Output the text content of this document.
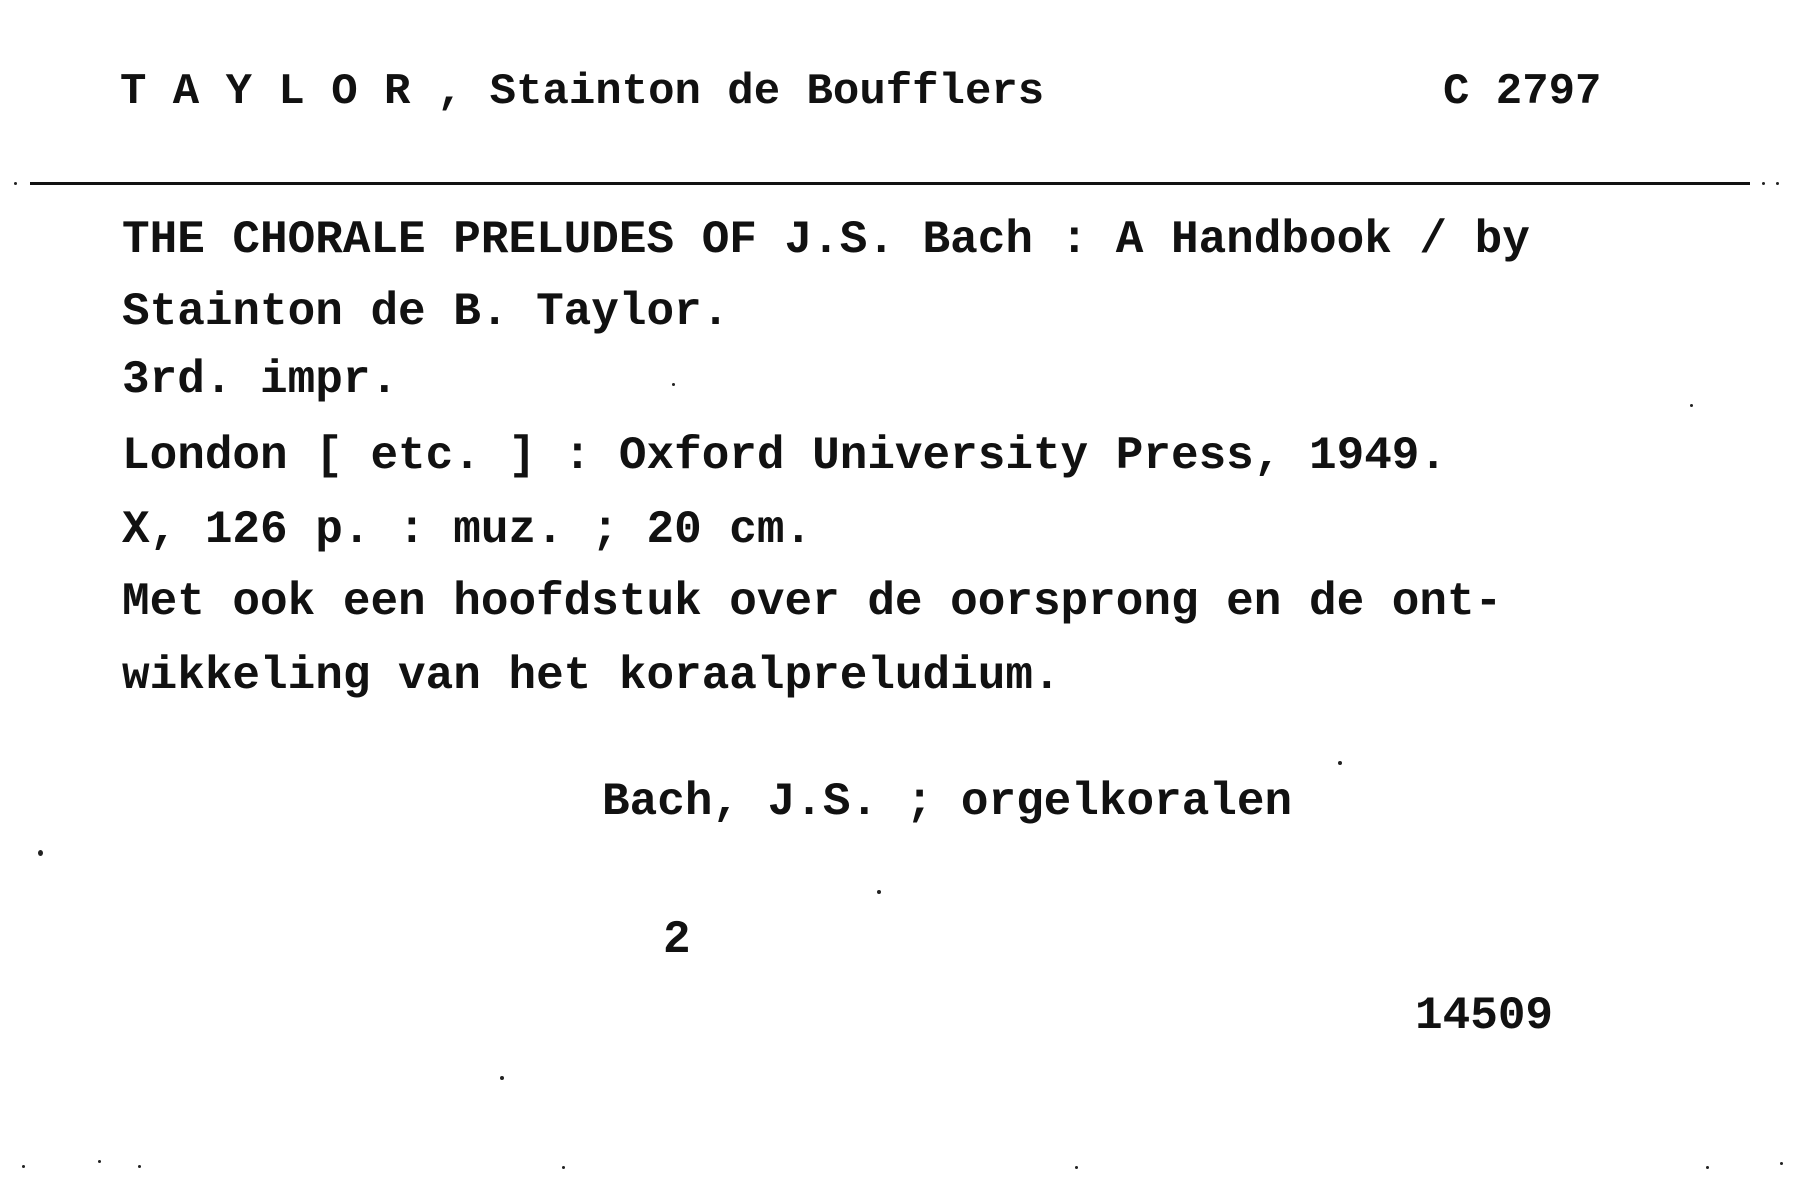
T A Y L O R , Stainton de Boufflers	C 2797
THE CHORALE PRELUDES OF J.S. Bach : A Handbook / by
Stainton de B. Taylor.
3rd. impr.
London [ etc. ] : Oxford University Press, 1949.
X, 126 p. : muz. ; 20 cm.
Met ook een hoofdstuk over de oorsprong en de ont-
wikkeling van het koraalpreludium.
Bach, J.S. ; orgelkoralen
2
14509
